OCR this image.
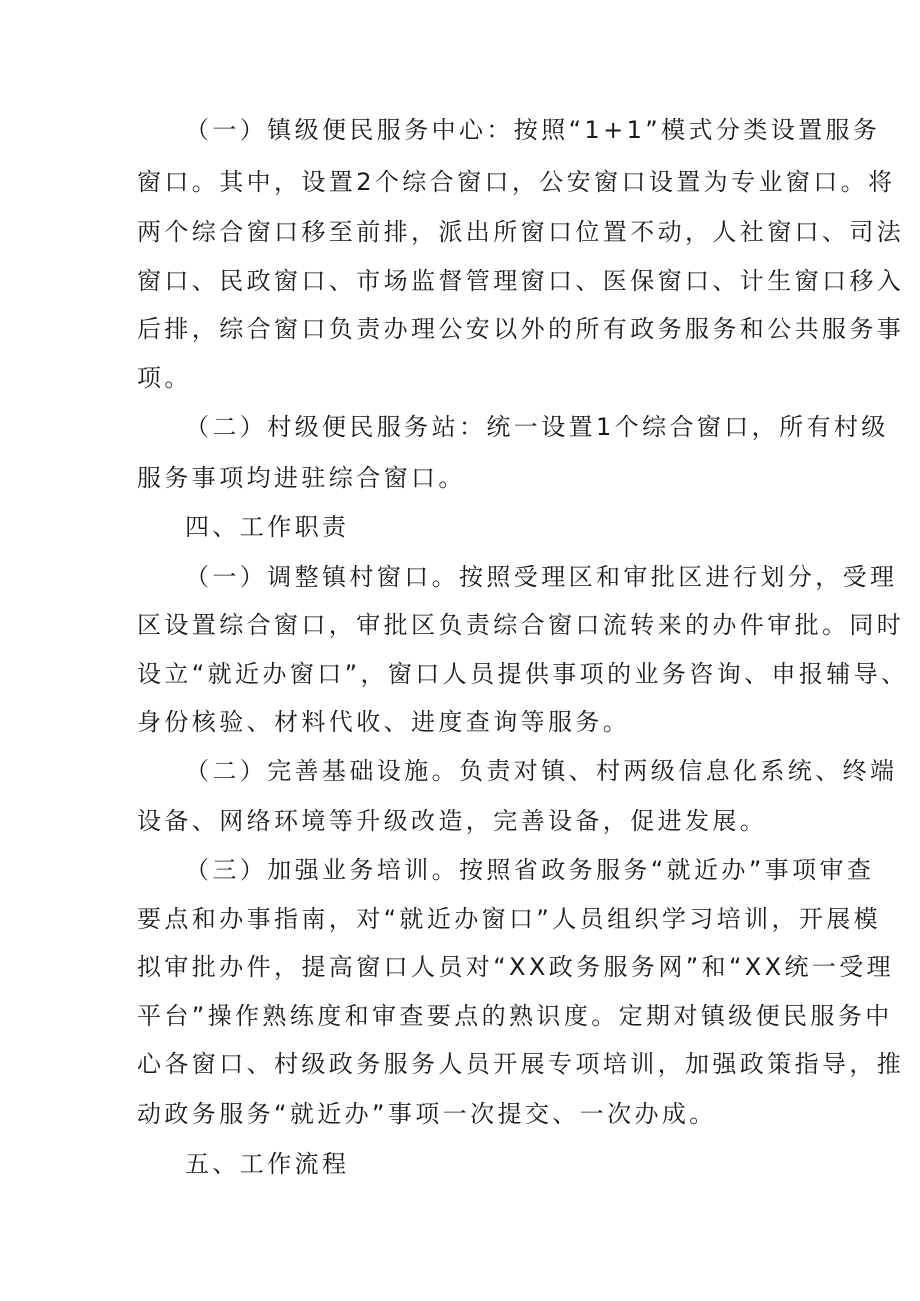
（一）镇级便民服务中心：按照“1+1”模式分类设置服务
窗口。其中，设置2个综合窗口，公安窗口设置为专业窗口。将
两个综合窗口移至前排，派出所窗口位置不动，人社窗口、司法
窗口、民政窗口、市场监督管理窗口、医保窗口、计生窗口移入
后排，综合窗口负责办理公安以外的所有政务服务和公共服务事
项。
（二）村级便民服务站：统一设置1个综合窗口，所有村级
服务事项均进驻综合窗口。
四、工作职责
（一）调整镇村窗口。按照受理区和审批区进行划分，受理
区设置综合窗口，审批区负责综合窗口流转来的办件审批。同时
设立“就近办窗口”，窗口人员提供事项的业务咨询、申报辅导、
身份核验、材料代收、进度查询等服务。
（二）完善基础设施。负责对镇、村两级信息化系统、终端
设备、网络环境等升级改造，完善设备，促进发展。
（三）加强业务培训。按照省政务服务“就近办”事项审查
要点和办事指南，对“就近办窗口”人员组织学习培训，开展模
拟审批办件，提高窗口人员对“XX政务服务网”和“XX统一受理
平台”操作熟练度和审查要点的熟识度。定期对镇级便民服务中
心各窗口、村级政务服务人员开展专项培训，加强政策指导，推
动政务服务“就近办”事项一次提交、一次办成。
五、工作流程
